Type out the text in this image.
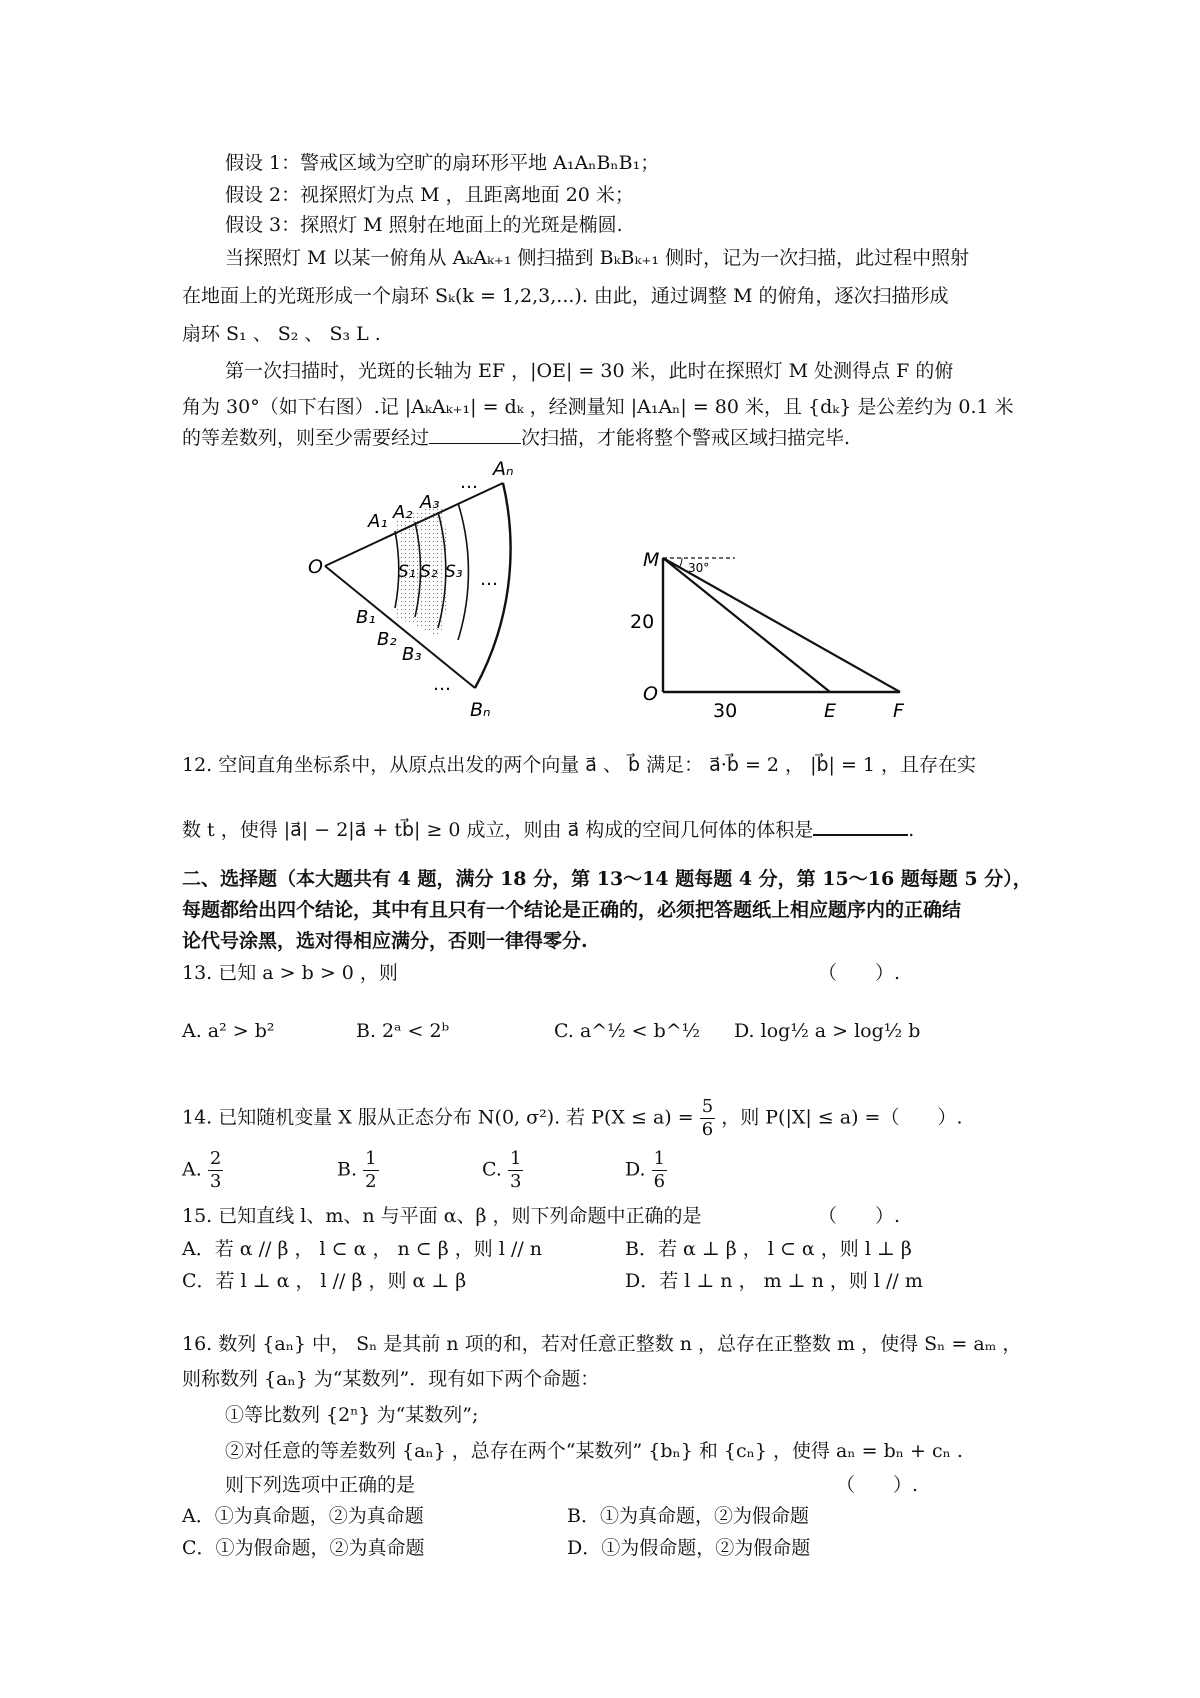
假设 1：警戒区域为空旷的扇环形平地 A₁AₙBₙB₁；
假设 2：视探照灯为点 M ，且距离地面 20 米；
假设 3：探照灯 M 照射在地面上的光斑是椭圆.
当探照灯 M 以某一俯角从 AₖAₖ₊₁ 侧扫描到 BₖBₖ₊₁ 侧时，记为一次扫描，此过程中照射
在地面上的光斑形成一个扇环 Sₖ(k = 1,2,3,...). 由此，通过调整 M 的俯角，逐次扫描形成
扇环 S₁ 、 S₂ 、 S₃ L .
第一次扫描时，光斑的长轴为 EF ，|OE| = 30 米，此时在探照灯 M 处测得点 F 的俯
角为 30°（如下右图）.记 |AₖAₖ₊₁| = dₖ ，经测量知 |A₁Aₙ| = 80 米，且 {dₖ} 是公差约为 0.1 米
的等差数列，则至少需要经过	次扫描，才能将整个警戒区域扫描完毕.
O
A₁ A₂ A₃
…
Aₙ
S₁ S₂ S₃ …
B₁
B₂
B₃
…
Bₙ
M 30°
20
O
30	E	F
12. 空间直角坐标系中，从原点出发的两个向量 a⃗ 、 b⃗ 满足： a⃗·b⃗ = 2 ， |b⃗| = 1 ，且存在实
数 t ，使得 |a⃗| − 2|a⃗ + tb⃗| ≥ 0 成立，则由 a⃗ 构成的空间几何体的体积是	.
二、选择题（本大题共有 4 题，满分 18 分，第 13～14 题每题 4 分，第 15～16 题每题 5 分），
每题都给出四个结论，其中有且只有一个结论是正确的，必须把答题纸上相应题序内的正确结
论代号涂黑，选对得相应满分，否则一律得零分.
13. 已知 a > b > 0 ，则	（　　）.
A. a² > b²	B. 2ᵃ < 2ᵇ	C. a^½ < b^½ D. log½ a > log½ b
14. 已知随机变量 X 服从正态分布 N(0, σ²). 若 $P(X \le a) = \frac{5}{6}$ ，则 P(|X| ≤ a) =（　　）.
A. $\frac{2}{3}$	B. $\frac{1}{2}$	C. $\frac{1}{3}$	D. $\frac{1}{6}$
15. 已知直线 l、m、n 与平面 α、β ，则下列命题中正确的是	（　　）.
A．若 α // β ， l ⊂ α ， n ⊂ β ，则 l // n	B．若 α ⊥ β ， l ⊂ α ，则 l ⊥ β
C．若 l ⊥ α ， l // β ，则 α ⊥ β	D．若 l ⊥ n ， m ⊥ n ，则 l // m
16. 数列 {aₙ} 中， Sₙ 是其前 n 项的和，若对任意正整数 n ，总存在正整数 m ，使得 Sₙ = aₘ ，
则称数列 {aₙ} 为“某数列”．现有如下两个命题：
①等比数列 {2ⁿ} 为“某数列”;
②对任意的等差数列 {aₙ} ，总存在两个“某数列” {bₙ} 和 {cₙ} ，使得 aₙ = bₙ + cₙ .
则下列选项中正确的是	（　　）.
A．①为真命题，②为真命题	B．①为真命题，②为假命题
C．①为假命题，②为真命题	D．①为假命题，②为假命题
